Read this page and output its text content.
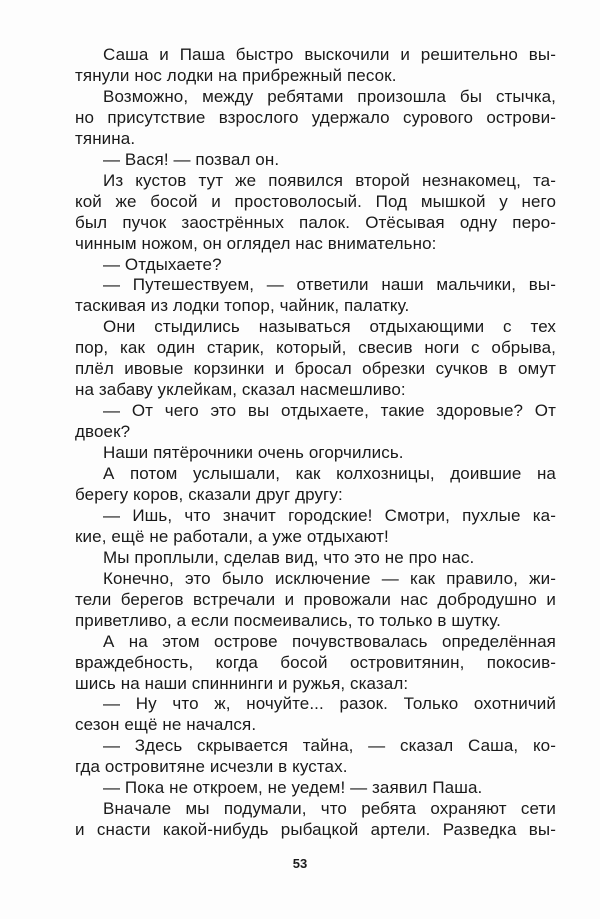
Саша и Паша быстро выскочили и решительно вы-
тянули нос лодки на прибрежный песок.
Возможно, между ребятами произошла бы стычка,
но присутствие взрослого удержало сурового острови-
тянина.
— Вася! — позвал он.
Из кустов тут же появился второй незнакомец, та-
кой же босой и простоволосый. Под мышкой у него
был пучок заострённых палок. Отёсывая одну перо-
чинным ножом, он оглядел нас внимательно:
— Отдыхаете?
— Путешествуем, — ответили наши мальчики, вы-
таскивая из лодки топор, чайник, палатку.
Они стыдились называться отдыхающими с тех
пор, как один старик, который, свесив ноги с обрыва,
плёл ивовые корзинки и бросал обрезки сучков в омут
на забаву уклейкам, сказал насмешливо:
— От чего это вы отдыхаете, такие здоровые? От
двоек?
Наши пятёрочники очень огорчились.
А потом услышали, как колхозницы, доившие на
берегу коров, сказали друг другу:
— Ишь, что значит городские! Смотри, пухлые ка-
кие, ещё не работали, а уже отдыхают!
Мы проплыли, сделав вид, что это не про нас.
Конечно, это было исключение — как правило, жи-
тели берегов встречали и провожали нас добродушно и
приветливо, а если посмеивались, то только в шутку.
А на этом острове почувствовалась определённая
враждебность, когда босой островитянин, покосив-
шись на наши спиннинги и ружья, сказал:
— Ну что ж, ночуйте... разок. Только охотничий
сезон ещё не начался.
— Здесь скрывается тайна, — сказал Саша, ко-
гда островитяне исчезли в кустах.
— Пока не откроем, не уедем! — заявил Паша.
Вначале мы подумали, что ребята охраняют сети
и снасти какой-нибудь рыбацкой артели. Разведка вы-
53
